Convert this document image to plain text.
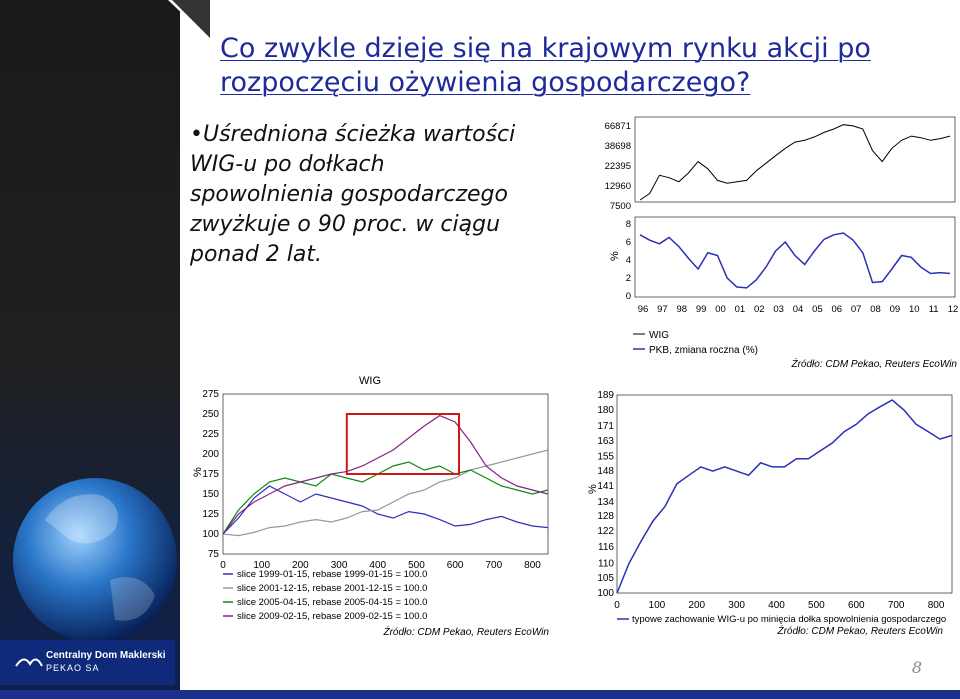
Co zwykle dzieje się na krajowym rynku akcji po
rozpoczęciu ożywienia gospodarczego?
•Uśredniona ścieżka wartości
WIG-u po dołkach
spowolnienia gospodarczego
zwyżkuje o 90 proc. w ciągu
ponad 2 lat.	%
66871
38698
22395
12960
7500
8
6
4
2
0
96 97 98 99 00 01 02 03 04 05 06 07 08 09 10 11 12
WIG
PKB, zmiana roczna (%)
Źródło: CDM Pekao, Reuters EcoWin
WIG
%
275
250
225
200
175
150
125
100
75
0	100 200 300 400 500 600 700 800
slice 1999-01-15, rebase 1999-01-15 = 100.0
slice 2001-12-15, rebase 2001-12-15 = 100.0
slice 2005-04-15, rebase 2005-04-15 = 100.0
slice 2009-02-15, rebase 2009-02-15 = 100.0
Źródło: CDM Pekao, Reuters EcoWin
%
189
180
171
163
155
148
141
134
128
122
116
110
105
100
0	100 200 300 400 500 600 700 800
typowe zachowanie WIG-u po minięcia dołka spowolnienia gospodarczego
Źródło: CDM Pekao, Reuters EcoWin
Centralny Dom Maklerski
PEKAO SA	8
